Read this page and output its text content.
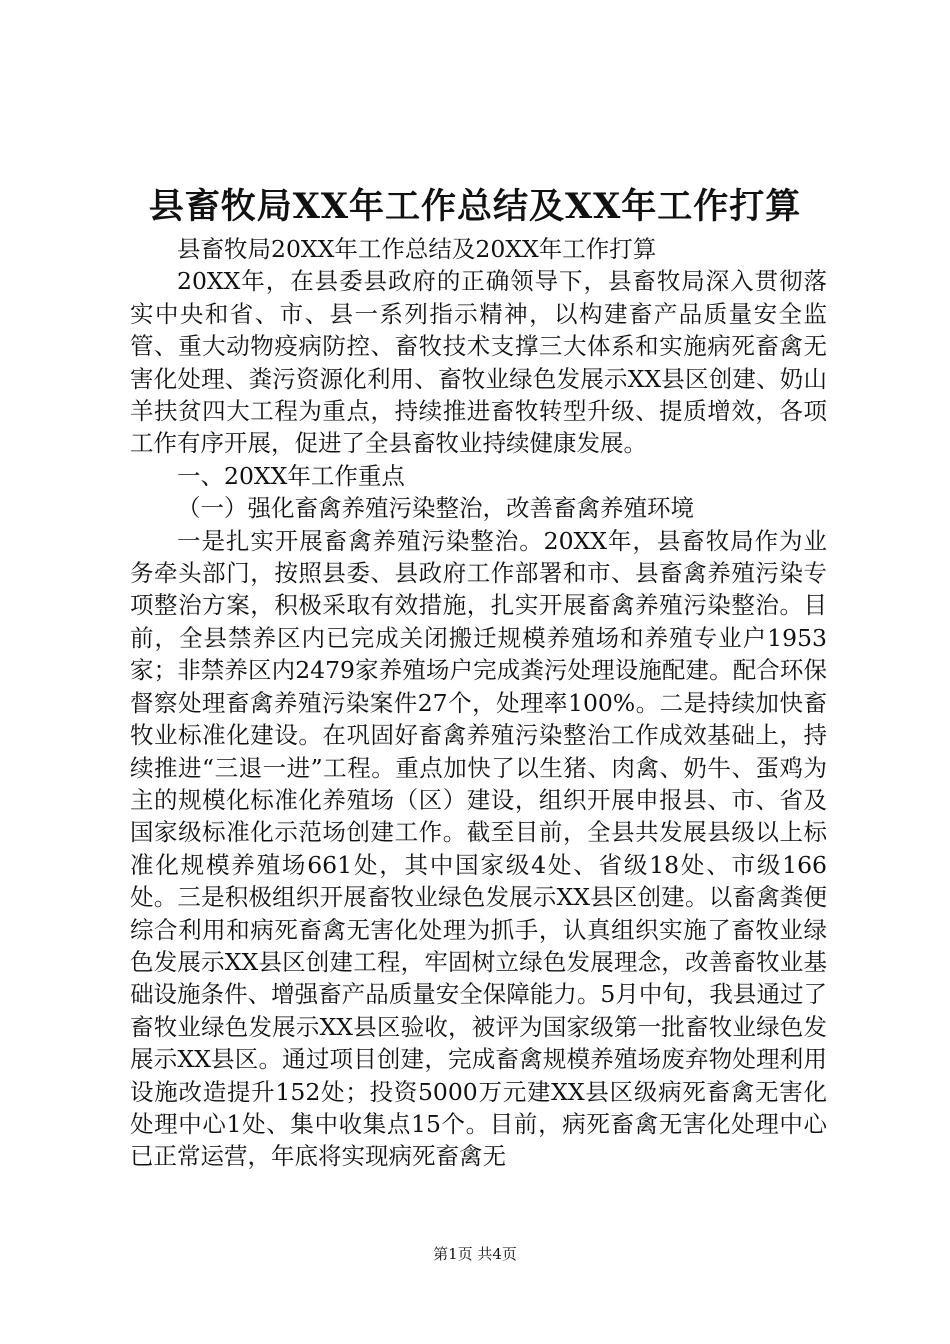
县畜牧局XX年工作总结及XX年工作打算

县畜牧局20XX年工作总结及20XX年工作打算

20XX年，在县委县政府的正确领导下，县畜牧局深入贯彻落实中央和省、市、县一系列指示精神，以构建畜产品质量安全监管、重大动物疫病防控、畜牧技术支撑三大体系和实施病死畜禽无害化处理、粪污资源化利用、畜牧业绿色发展示XX县区创建、奶山羊扶贫四大工程为重点，持续推进畜牧转型升级、提质增效，各项工作有序开展，促进了全县畜牧业持续健康发展。

一、20XX年工作重点

（一）强化畜禽养殖污染整治，改善畜禽养殖环境

一是扎实开展畜禽养殖污染整治。20XX年，县畜牧局作为业务牵头部门，按照县委、县政府工作部署和市、县畜禽养殖污染专项整治方案，积极采取有效措施，扎实开展畜禽养殖污染整治。目前，全县禁养区内已完成关闭搬迁规模养殖场和养殖专业户1953家；非禁养区内2479家养殖场户完成粪污处理设施配建。配合环保督察处理畜禽养殖污染案件27个，处理率100%。二是持续加快畜牧业标准化建设。在巩固好畜禽养殖污染整治工作成效基础上，持续推进“三退一进”工程。重点加快了以生猪、肉禽、奶牛、蛋鸡为主的规模化标准化养殖场（区）建设，组织开展申报县、市、省及国家级标准化示范场创建工作。截至目前，全县共发展县级以上标准化规模养殖场661处，其中国家级4处、省级18处、市级166处。三是积极组织开展畜牧业绿色发展示XX县区创建。以畜禽粪便综合利用和病死畜禽无害化处理为抓手，认真组织实施了畜牧业绿色发展示XX县区创建工程，牢固树立绿色发展理念，改善畜牧业基础设施条件、增强畜产品质量安全保障能力。5月中旬，我县通过了畜牧业绿色发展示XX县区验收，被评为国家级第一批畜牧业绿色发展示XX县区。通过项目创建，完成畜禽规模养殖场废弃物处理利用设施改造提升152处；投资5000万元建XX县区级病死畜禽无害化处理中心1处、集中收集点15个。目前，病死畜禽无害化处理中心已正常运营，年底将实现病死畜禽无

第1页 共4页
